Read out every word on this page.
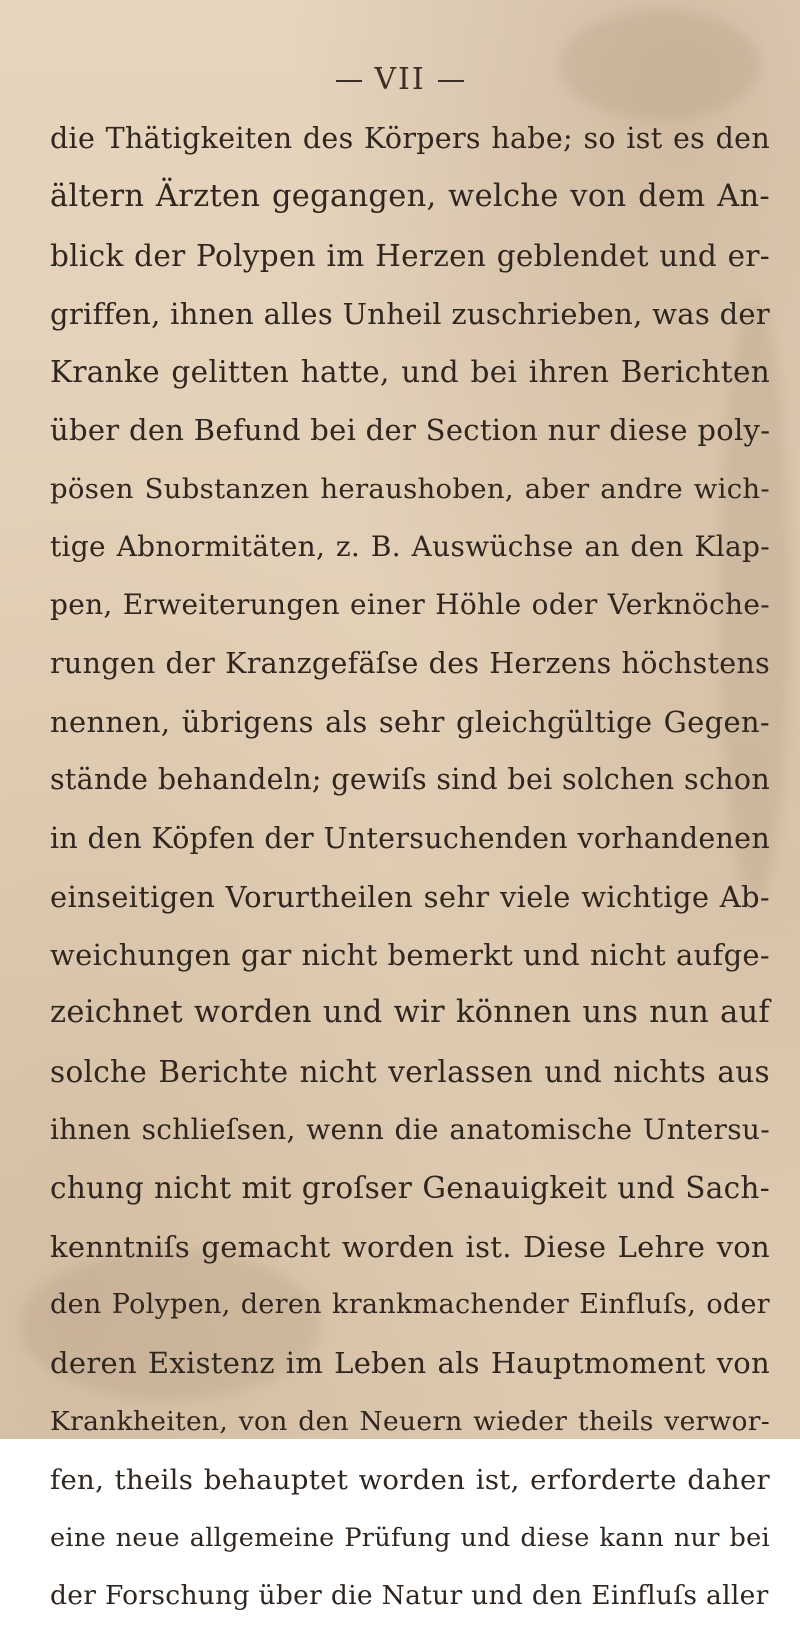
VII
die Thätigkeiten des Körpers habe; so ist es den
ältern Ärzten gegangen, welche von dem An-
blick der Polypen im Herzen geblendet und er-
griffen, ihnen alles Unheil zuschrieben, was der
Kranke gelitten hatte, und bei ihren Berichten
über den Befund bei der Section nur diese poly-
pösen Substanzen heraushoben, aber andre wich-
tige Abnormitäten, z. B. Auswüchse an den Klap-
pen, Erweiterungen einer Höhle oder Verknöche-
rungen der Kranzgefäſse des Herzens höchstens
nennen, übrigens als sehr gleichgültige Gegen-
stände behandeln; gewiſs sind bei solchen schon
in den Köpfen der Untersuchenden vorhandenen
einseitigen Vorurtheilen sehr viele wichtige Ab-
weichungen gar nicht bemerkt und nicht aufge-
zeichnet worden und wir können uns nun auf
solche Berichte nicht verlassen und nichts aus
ihnen schlieſsen, wenn die anatomische Untersu-
chung nicht mit groſser Genauigkeit und Sach-
kenntniſs gemacht worden ist. Diese Lehre von
den Polypen, deren krankmachender Einfluſs, oder
deren Existenz im Leben als Hauptmoment von
Krankheiten, von den Neuern wieder theils verwor-
fen, theils behauptet worden ist, erforderte daher
eine neue allgemeine Prüfung und diese kann nur bei
der Forschung über die Natur und den Einfluſs aller
